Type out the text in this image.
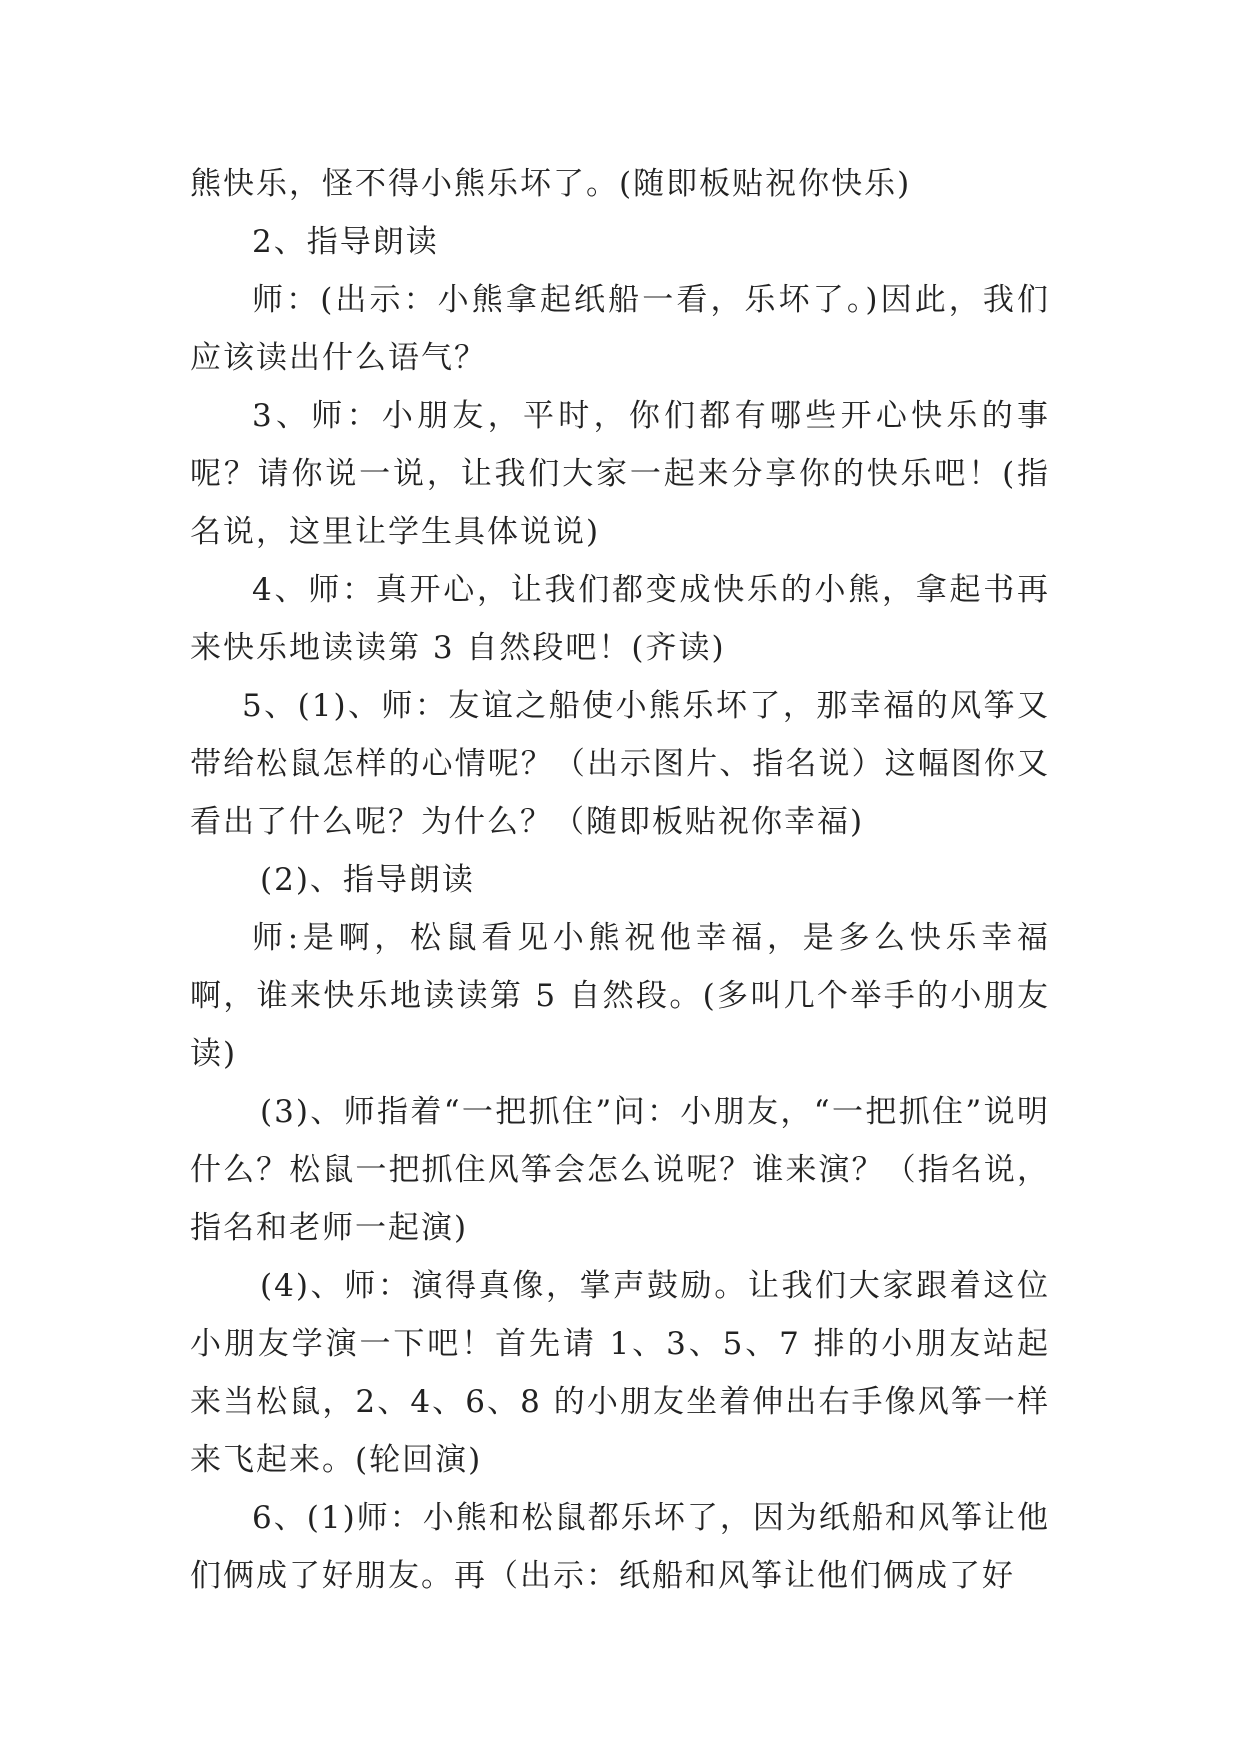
熊快乐，怪不得小熊乐坏了。(随即板贴祝你快乐)

2、指导朗读

师：(出示：小熊拿起纸船一看，乐坏了。)因此，我们应该读出什么语气？

3、师：小朋友，平时，你们都有哪些开心快乐的事呢？请你说一说，让我们大家一起来分享你的快乐吧！(指名说，这里让学生具体说说)

4、师：真开心，让我们都变成快乐的小熊，拿起书再来快乐地读读第 3 自然段吧！(齐读)

5、(1)、师：友谊之船使小熊乐坏了，那幸福的风筝又带给松鼠怎样的心情呢？（出示图片、指名说）这幅图你又看出了什么呢？为什么？（随即板贴祝你幸福)

(2)、指导朗读

师:是啊，松鼠看见小熊祝他幸福，是多么快乐幸福啊，谁来快乐地读读第 5 自然段。(多叫几个举手的小朋友读)

(3)、师指着“一把抓住”问：小朋友，“一把抓住”说明什么？松鼠一把抓住风筝会怎么说呢？谁来演？（指名说，指名和老师一起演)

(4)、师：演得真像，掌声鼓励。让我们大家跟着这位小朋友学演一下吧！首先请 1、3、5、7 排的小朋友站起来当松鼠，2、4、6、8 的小朋友坐着伸出右手像风筝一样来飞起来。(轮回演)

6、(1)师：小熊和松鼠都乐坏了，因为纸船和风筝让他们俩成了好朋友。再（出示：纸船和风筝让他们俩成了好
